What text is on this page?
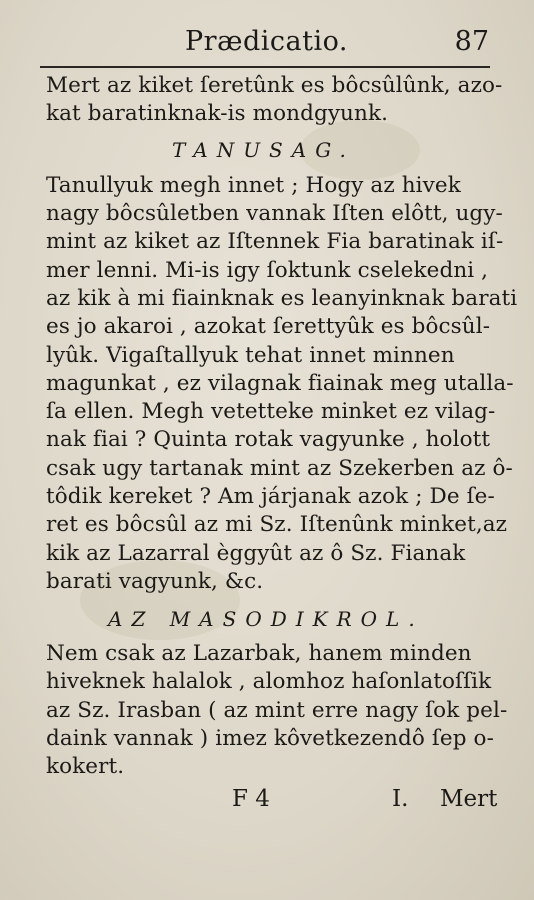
Prædicatio.	87
Mert az kiket ſeretûnk es bôcsûlûnk, azo-
kat baratinknak-is mondgyunk.
TANUSAG.
Tanullyuk megh innet ; Hogy az hivek
nagy bôcsûletben vannak Iſten elôtt, ugy-
mint az kiket az Iſtennek Fia baratinak iſ-
mer lenni. Mi-is igy ſoktunk cselekedni ,
az kik à mi fiainknak es leanyinknak barati
es jo akaroi , azokat ſerettyûk es bôcsûl-
lyûk. Vigaſtallyuk tehat innet minnen
magunkat , ez vilagnak fiainak meg utalla-
ſa ellen. Megh vetetteke minket ez vilag-
nak fiai ? Quinta rotak vagyunke , holott
csak ugy tartanak mint az Szekerben az ô-
tôdik kereket ? Am járjanak azok ; De ſe-
ret es bôcsûl az mi Sz. Iſtenûnk minket,az
kik az Lazarral èggyût az ô Sz. Fianak
barati vagyunk, &c.
AZ MASODIKROL.
Nem csak az Lazarbak, hanem minden
hiveknek halalok , alomhoz haſonlatoſſik
az Sz. Irasban ( az mint erre nagy ſok pel-
daink vannak ) imez kôvetkezendô ſep o-
kokert.
F 4	I. Mert
